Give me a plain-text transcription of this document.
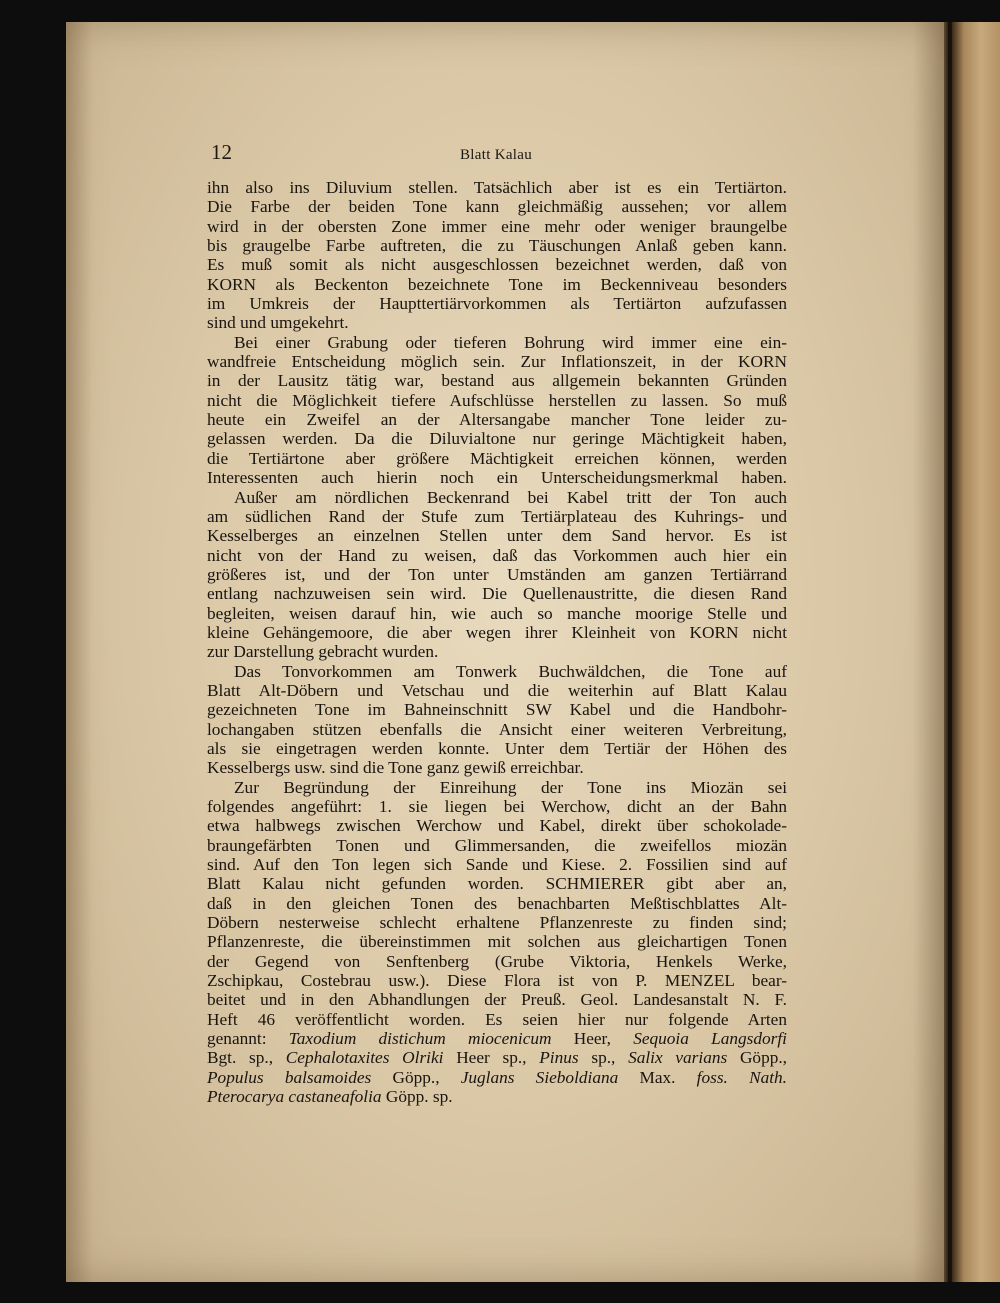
12	Blatt Kalau
ihn also ins Diluvium stellen. Tatsächlich aber ist es ein Tertiärton.
Die Farbe der beiden Tone kann gleichmäßig aussehen; vor allem
wird in der obersten Zone immer eine mehr oder weniger braungelbe
bis graugelbe Farbe auftreten, die zu Täuschungen Anlaß geben kann.
Es muß somit als nicht ausgeschlossen bezeichnet werden, daß von
KORN als Beckenton bezeichnete Tone im Beckenniveau besonders
im Umkreis der Haupttertiärvorkommen als Tertiärton aufzufassen
sind und umgekehrt.
Bei einer Grabung oder tieferen Bohrung wird immer eine ein-
wandfreie Entscheidung möglich sein. Zur Inflationszeit, in der KORN
in der Lausitz tätig war, bestand aus allgemein bekannten Gründen
nicht die Möglichkeit tiefere Aufschlüsse herstellen zu lassen. So muß
heute ein Zweifel an der Altersangabe mancher Tone leider zu-
gelassen werden. Da die Diluvialtone nur geringe Mächtigkeit haben,
die Tertiärtone aber größere Mächtigkeit erreichen können, werden
Interessenten auch hierin noch ein Unterscheidungsmerkmal haben.
Außer am nördlichen Beckenrand bei Kabel tritt der Ton auch
am südlichen Rand der Stufe zum Tertiärplateau des Kuhrings- und
Kesselberges an einzelnen Stellen unter dem Sand hervor. Es ist
nicht von der Hand zu weisen, daß das Vorkommen auch hier ein
größeres ist, und der Ton unter Umständen am ganzen Tertiärrand
entlang nachzuweisen sein wird. Die Quellenaustritte, die diesen Rand
begleiten, weisen darauf hin, wie auch so manche moorige Stelle und
kleine Gehängemoore, die aber wegen ihrer Kleinheit von KORN nicht
zur Darstellung gebracht wurden.
Das Tonvorkommen am Tonwerk Buchwäldchen, die Tone auf
Blatt Alt-Döbern und Vetschau und die weiterhin auf Blatt Kalau
gezeichneten Tone im Bahneinschnitt SW Kabel und die Handbohr-
lochangaben stützen ebenfalls die Ansicht einer weiteren Verbreitung,
als sie eingetragen werden konnte. Unter dem Tertiär der Höhen des
Kesselbergs usw. sind die Tone ganz gewiß erreichbar.
Zur Begründung der Einreihung der Tone ins Miozän sei
folgendes angeführt: 1. sie liegen bei Werchow, dicht an der Bahn
etwa halbwegs zwischen Werchow und Kabel, direkt über schokolade-
braungefärbten Tonen und Glimmersanden, die zweifellos miozän
sind. Auf den Ton legen sich Sande und Kiese. 2. Fossilien sind auf
Blatt Kalau nicht gefunden worden. SCHMIERER gibt aber an,
daß in den gleichen Tonen des benachbarten Meßtischblattes Alt-
Döbern nesterweise schlecht erhaltene Pflanzenreste zu finden sind;
Pflanzenreste, die übereinstimmen mit solchen aus gleichartigen Tonen
der Gegend von Senftenberg (Grube Viktoria, Henkels Werke,
Zschipkau, Costebrau usw.). Diese Flora ist von P. MENZEL bear-
beitet und in den Abhandlungen der Preuß. Geol. Landesanstalt N. F.
Heft 46 veröffentlicht worden. Es seien hier nur folgende Arten
genannt: Taxodium distichum miocenicum Heer, Sequoia Langsdorfi
Bgt. sp., Cephalotaxites Olriki Heer sp., Pinus sp., Salix varians Göpp.,
Populus balsamoides Göpp., Juglans Sieboldiana Max. foss. Nath.
Pterocarya castaneafolia Göpp. sp.
